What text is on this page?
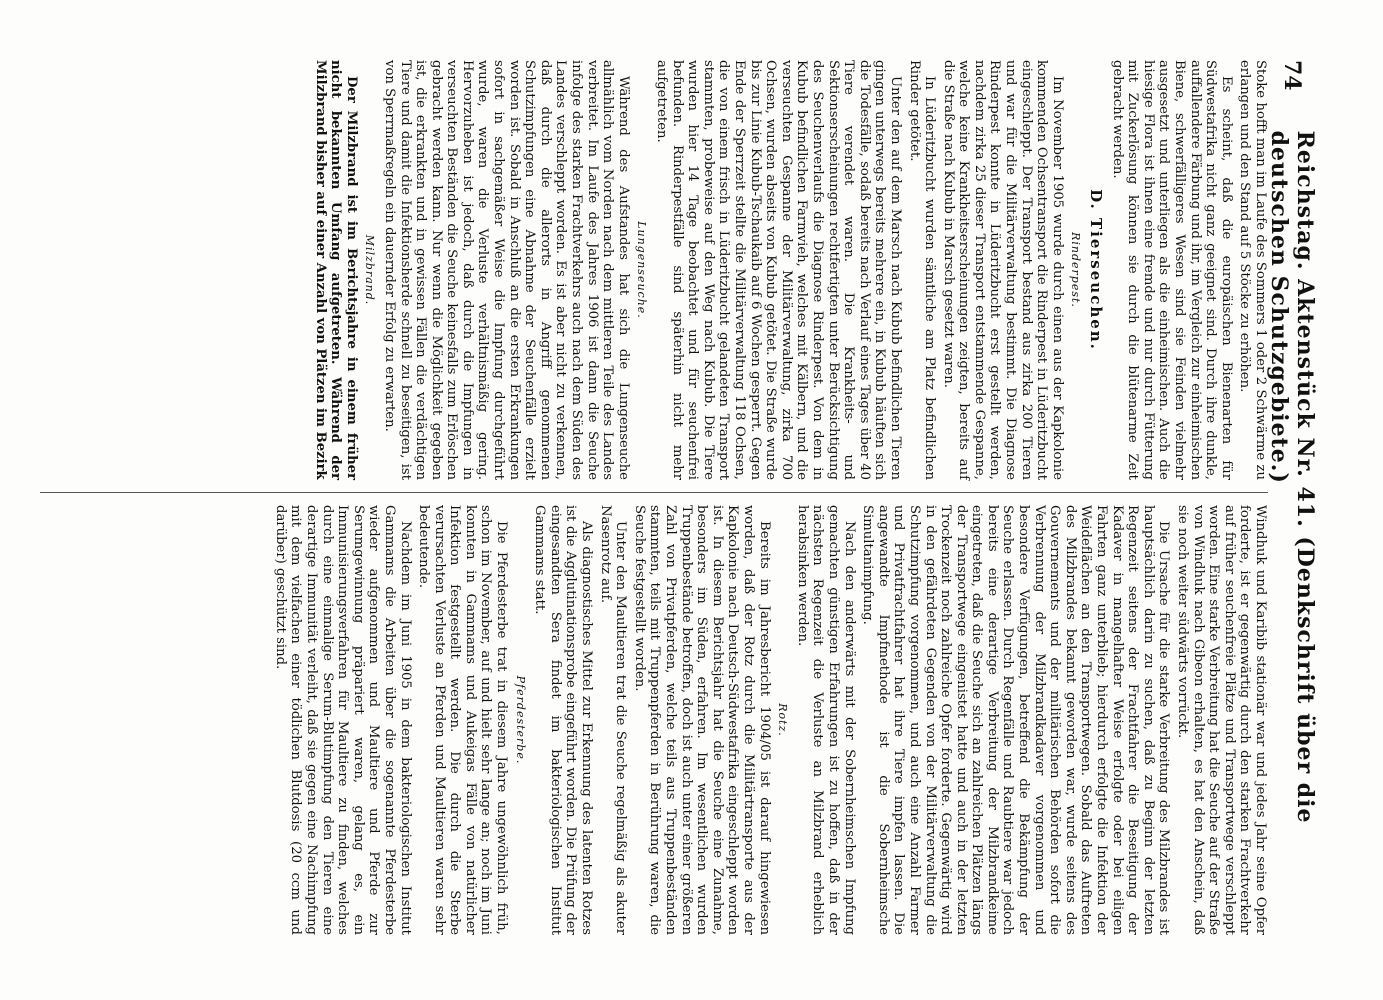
74
Reichstag. Aktenstück Nr. 41. (Denkschrift über die deutschen Schutzgebiete.)

Stoke hofft man im Laufe des Sommers 1 oder 2 Schwärme zu erlangen und den Stand auf 5 Stöcke zu erhöhen.

Es scheint, daß die europäischen Bienenarten für Südwestafrika nicht ganz geeignet sind. Durch ihre dunkle, auffallendere Färbung und ihr, im Vergleich zur einheimischen Biene, schwerfälligeres Wesen sind sie Feinden vielmehr ausgesetzt und unterliegen als die einheimischen. Auch die hiesige Flora ist ihnen eine fremde und nur durch Fütterung mit Zuckerlösung können sie durch die blütenarme Zeit gebracht werden.

D. Tierseuchen.
Rinderpest.

Im November 1905 wurde durch einen aus der Kapkolonie kommenden Ochsentransport die Rinderpest in Lüderitzbucht eingeschleppt. Der Transport bestand aus zirka 200 Tieren und war für die Militärverwaltung bestimmt. Die Diagnose Rinderpest konnte in Lüderitzbucht erst gestellt werden, nachdem zirka 25 dieser Transport entstammende Gespanne, welche keine Krankheitserscheinungen zeigten, bereits auf die Straße nach Kubub in Marsch gesetzt waren.

In Lüderitzbucht wurden sämtliche am Platz befindlichen Rinder getötet.

Unter den auf dem Marsch nach Kubub befindlichen Tieren gingen unterwegs bereits mehrere ein, in Kubub häuften sich die Todesfälle, sodaß bereits nach Verlauf eines Tages über 40 Tiere verendet waren. Die Krankheits- und Sektionserscheinungen rechtfertigten unter Berücksichtigung des Seuchenverlaufs die Diagnose Rinderpest. Von dem in Kubub befindlichen Farmvieh, welches mit Kälbern, und die verseuchten Gespanne der Militärverwaltung, zirka 700 Ochsen, wurden abseits von Kubub getötet. Die Straße wurde bis zur Linie Kubub-Tschaukaib auf 6 Wochen gesperrt. Gegen Ende der Sperrzeit stellte die Militärverwaltung 118 Ochsen, die von einem frisch in Lüderitzbucht gelandeten Transport stammten, probeweise auf den Weg nach Kubub. Die Tiere wurden hier 14 Tage beobachtet und für seuchenfrei befunden. Rinderpestfälle sind späterhin nicht mehr aufgetreten.

Lungenseuche.

Während des Aufstandes hat sich die Lungenseuche allmählich vom Norden nach dem mittleren Teile des Landes verbreitet. Im Laufe des Jahres 1906 ist dann die Seuche infolge des starken Frachtverkehrs auch nach dem Süden des Landes verschleppt worden. Es ist aber nicht zu verkennen, daß durch die allerorts in Angriff genommenen Schutzimpfungen eine Abnahme der Seuchenfälle erzielt worden ist. Sobald in Anschluß an die ersten Erkrankungen sofort in sachgemäßer Weise die Impfung durchgeführt wurde, waren die Verluste verhältnismäßig gering. Hervorzuheben ist jedoch, daß durch die Impfungen in verseuchten Beständen die Seuche keinesfalls zum Erlöschen gebracht werden kann. Nur wenn die Möglichkeit gegeben ist, die erkrankten und in gewissen Fällen die verdächtigen Tiere und damit die Infektionsherde schnell zu beseitigen, ist von Sperrmaßregeln ein dauernder Erfolg zu erwarten.

Milzbrand.

Der Milzbrand ist im Berichtsjahre in einem früher nicht bekannten Umfang aufgetreten. Während der Milzbrand bisher auf einer Anzahl von Plätzen im Bezirk

Windhuk und Karibib stationär war und jedes Jahr seine Opfer forderte, ist er gegenwärtig durch den starken Frachtverkehr auf früher seuchenfreie Plätze und Transportwege verschleppt worden. Eine starke Verbreitung hat die Seuche auf der Straße von Windhuk nach Gibeon erhalten, es hat den Anschein, daß sie noch weiter südwärts vorrückt.

Die Ursache für die starke Verbreitung des Milzbrandes ist hauptsächlich darin zu suchen, daß zu Beginn der letzten Regenzeit seitens der Frachtfahrer die Beseitigung der Kadaver in mangelhafter Weise erfolgte oder bei eiligen Fahrten ganz unterblieb; hierdurch erfolgte die Infektion der Weideflächen an den Transportwegen. Sobald das Auftreten des Milzbrandes bekannt geworden war, wurde seitens des Gouvernements und der militärischen Behörden sofort die Verbrennung der Milzbrandkadaver vorgenommen und besondere Verfügungen, betreffend die Bekämpfung der Seuche erlassen. Durch Regenfälle und Raubtiere war jedoch bereits eine derartige Verbreitung der Milzbrandkeime eingetreten, daß die Seuche sich an zahlreichen Plätzen längs der Transportwege eingenistet hatte und auch in der letzten Trockenzeit noch zahlreiche Opfer forderte. Gegenwärtig wird in den gefährdeten Gegenden von der Militärverwaltung die Schutzimpfung vorgenommen, und auch eine Anzahl Farmer und Privatfrachtfahrer hat ihre Tiere impfen lassen. Die angewandte Impfmethode ist die Sobernheimsche Simultanimpfung.

Nach den anderwärts mit der Sobernheimschen Impfung gemachten günstigen Erfahrungen ist zu hoffen, daß in der nächsten Regenzeit die Verluste an Milzbrand erheblich herabsinken werden.

Rotz.

Bereits im Jahresbericht 1904/05 ist darauf hingewiesen worden, daß der Rotz durch die Militärtransporte aus der Kapkolonie nach Deutsch-Südwestafrika eingeschleppt worden ist. In diesem Berichtsjahr hat die Seuche eine Zunahme, besonders im Süden, erfahren. Im wesentlichen wurden Truppenbestände betroffen, doch ist auch unter einer größeren Zahl von Privatpferden, welche teils aus Truppenbeständen stammten, teils mit Truppenpferden in Berührung waren, die Seuche festgestellt worden.

Unter den Maultieren trat die Seuche regelmäßig als akuter Nasenrotz auf.

Als diagnostisches Mittel zur Erkennung des latenten Rotzes ist die Agglutinationsprobe eingeführt worden. Die Prüfung der eingesandten Sera findet im bakteriologischen Institut Gammams statt.

Pferdesterbe.

Die Pferdesterbe trat in diesem Jahre ungewöhnlich früh, schon im November, auf und hielt sehr lange an; noch im Juni konnten in Gammams und Aukeigas Fälle von natürlicher Infektion festgestellt werden. Die durch die Sterbe verursachten Verluste an Pferden und Maultieren waren sehr bedeutende.

Nachdem im Juni 1905 in dem bakteriologischen Institut Gammams die Arbeiten über die sogenannte Pferdesterbe wieder aufgenommen und Maultiere und Pferde zur Serumgewinnung präpariert waren, gelang es, ein Immunisierungsverfahren für Maultiere zu finden, welches durch eine einmalige Serum-Blutimpfung den Tieren eine derartige Immunität verleiht, daß sie gegen eine Nachimpfung mit dem vielfachen einer tödlichen Blutdosis (20 ccm und darüber) geschützt sind.
